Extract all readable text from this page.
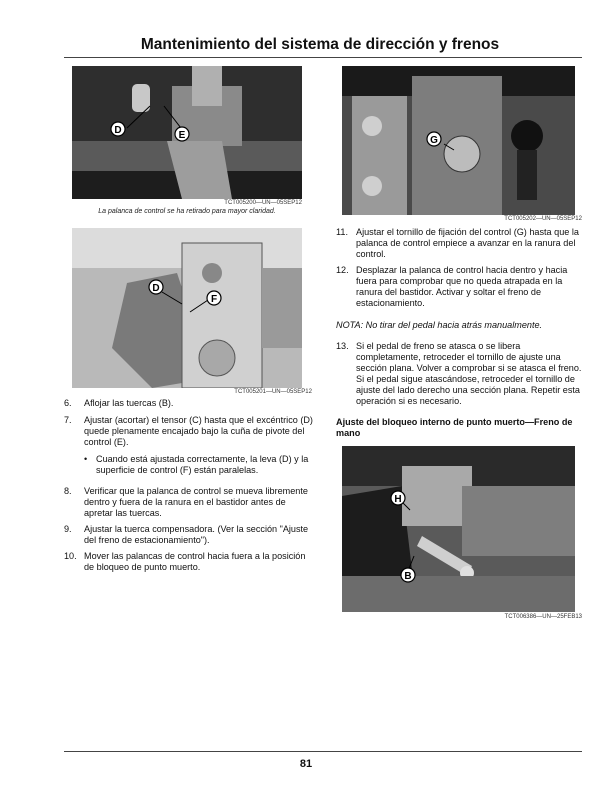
Mantenimiento del sistema de dirección y frenos
D	E
TCT005200—UN—05SEP12
La palanca de control se ha retirado para mayor claridad.
D
F
TCT005201—UN—05SEP12
G
TCT005202—UN—05SEP12
H
B
TCT006386—UN—25FEB13
6. Aflojar las tuercas (B).
7. Ajustar (acortar) el tensor (C) hasta que el excéntrico (D) quede plenamente encajado bajo la cuña de pivote del control (E).
• Cuando está ajustada correctamente, la leva (D) y la superficie de control (F) están paralelas.
8. Verificar que la palanca de control se mueva libremente dentro y fuera de la ranura en el bastidor antes de apretar las tuercas.
9. Ajustar la tuerca compensadora. (Ver la sección "Ajuste del freno de estacionamiento").
10. Mover las palancas de control hacia fuera a la posición de bloqueo de punto muerto.
11. Ajustar el tornillo de fijación del control (G) hasta que la palanca de control empiece a avanzar en la ranura del control.
12. Desplazar la palanca de control hacia dentro y hacia fuera para comprobar que no queda atrapada en la ranura del bastidor. Activar y soltar el freno de estacionamiento.
NOTA: No tirar del pedal hacia atrás manualmente.
13. Si el pedal de freno se atasca o se libera completamente, retroceder el tornillo de ajuste una sección plana. Volver a comprobar si se atasca el freno. Si el pedal sigue atascándose, retroceder el tornillo de ajuste del lado derecho una sección plana. Repetir esta operación si es necesario.
Ajuste del bloqueo interno de punto muerto—Freno de mano
81
